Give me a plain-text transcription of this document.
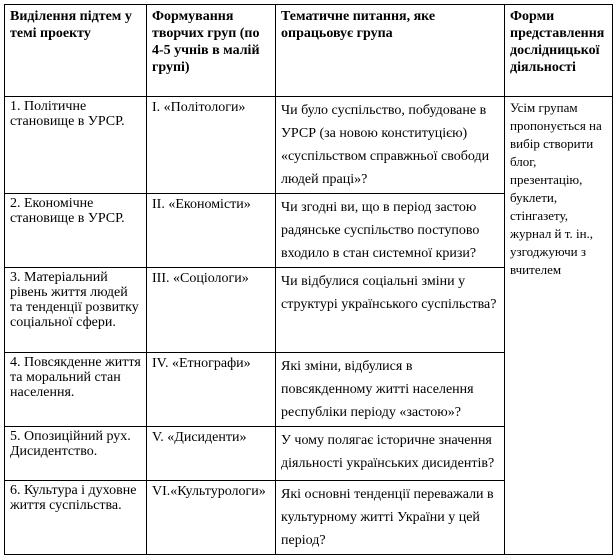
Виділення підтем у темі проекту	Формування творчих груп (по 4-5 учнів в малій групі)	Тематичне питання, яке опрацьовує група	Форми представлення дослідницької діяльності

1. Політичне становище в УРСР.	І. «Політологи»	Чи було суспільство, побудоване в УРСР (за новою конституцією) «суспільством справжньої свободи людей праці»?	Усім групам пропонується на вибір створити блог, презентацію, буклети, стінгазету, журнал й т. ін., узгоджуючи з вчителем
2. Економічне становище в УРСР.	ІІ. «Економісти»	Чи згодні ви, що в період застою радянське суспільство поступово входило в стан системної кризи?	
3. Матеріальний рівень життя людей та тенденції розвитку соціальної сфери.	ІІІ. «Соціологи»	Чи відбулися соціальні зміни у структурі українського суспільства?	
4. Повсякденне життя та моральний стан населення.	ІV. «Етнографи»	Які зміни, відбулися в повсякденному житті населення республіки періоду «застою»?	
5. Опозиційний рух. Дисидентство.	V. «Дисиденти»	У чому полягає історичне значення діяльності українських дисидентів?	
6. Культура і духовне життя суспільства.	VІ.«Культурологи»	Які основні тенденції переважали в культурному житті України у цей період?	
